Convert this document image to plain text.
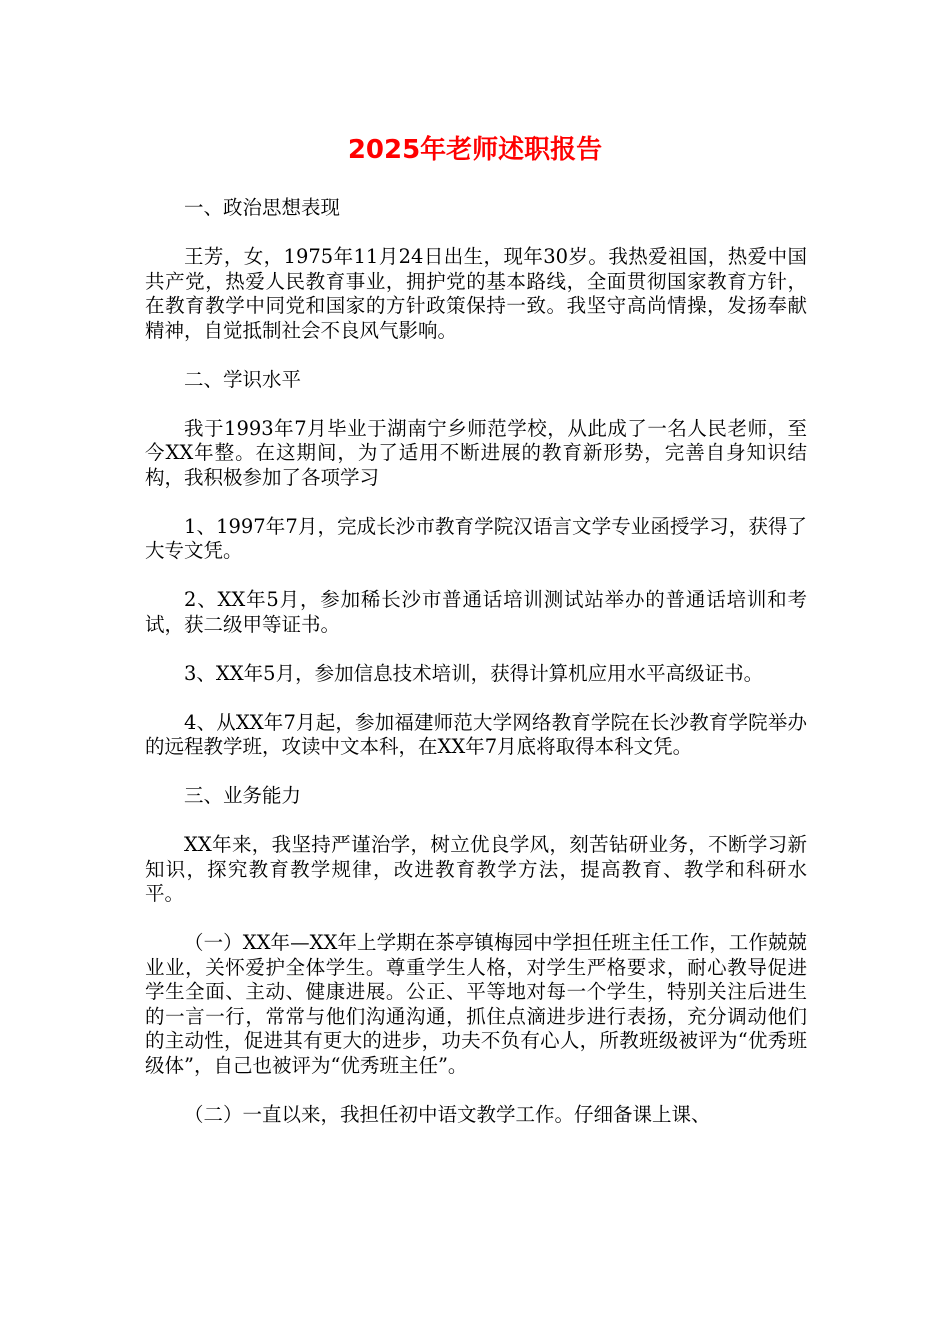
2025年老师述职报告

一、政治思想表现

王芳，女，1975年11月24日出生，现年30岁。我热爱祖国，热爱中国共产党，热爱人民教育事业，拥护党的基本路线，全面贯彻国家教育方针，在教育教学中同党和国家的方针政策保持一致。我坚守高尚情操，发扬奉献精神，自觉抵制社会不良风气影响。

二、学识水平

我于1993年7月毕业于湖南宁乡师范学校，从此成了一名人民老师，至今XX年整。在这期间，为了适用不断进展的教育新形势，完善自身知识结构，我积极参加了各项学习

1、1997年7月，完成长沙市教育学院汉语言文学专业函授学习，获得了大专文凭。

2、XX年5月，参加稀长沙市普通话培训测试站举办的普通话培训和考试，获二级甲等证书。

3、XX年5月，参加信息技术培训，获得计算机应用水平高级证书。

4、从XX年7月起，参加福建师范大学网络教育学院在长沙教育学院举办的远程教学班，攻读中文本科，在XX年7月底将取得本科文凭。

三、业务能力

XX年来，我坚持严谨治学，树立优良学风，刻苦钻研业务，不断学习新知识，探究教育教学规律，改进教育教学方法，提高教育、教学和科研水平。

（一）XX年—XX年上学期在茶亭镇梅园中学担任班主任工作，工作兢兢业业，关怀爱护全体学生。尊重学生人格，对学生严格要求，耐心教导促进学生全面、主动、健康进展。公正、平等地对每一个学生，特别关注后进生的一言一行，常常与他们沟通沟通，抓住点滴进步进行表扬，充分调动他们的主动性，促进其有更大的进步，功夫不负有心人，所教班级被评为“优秀班级体”，自己也被评为“优秀班主任”。

（二）一直以来，我担任初中语文教学工作。仔细备课上课、
